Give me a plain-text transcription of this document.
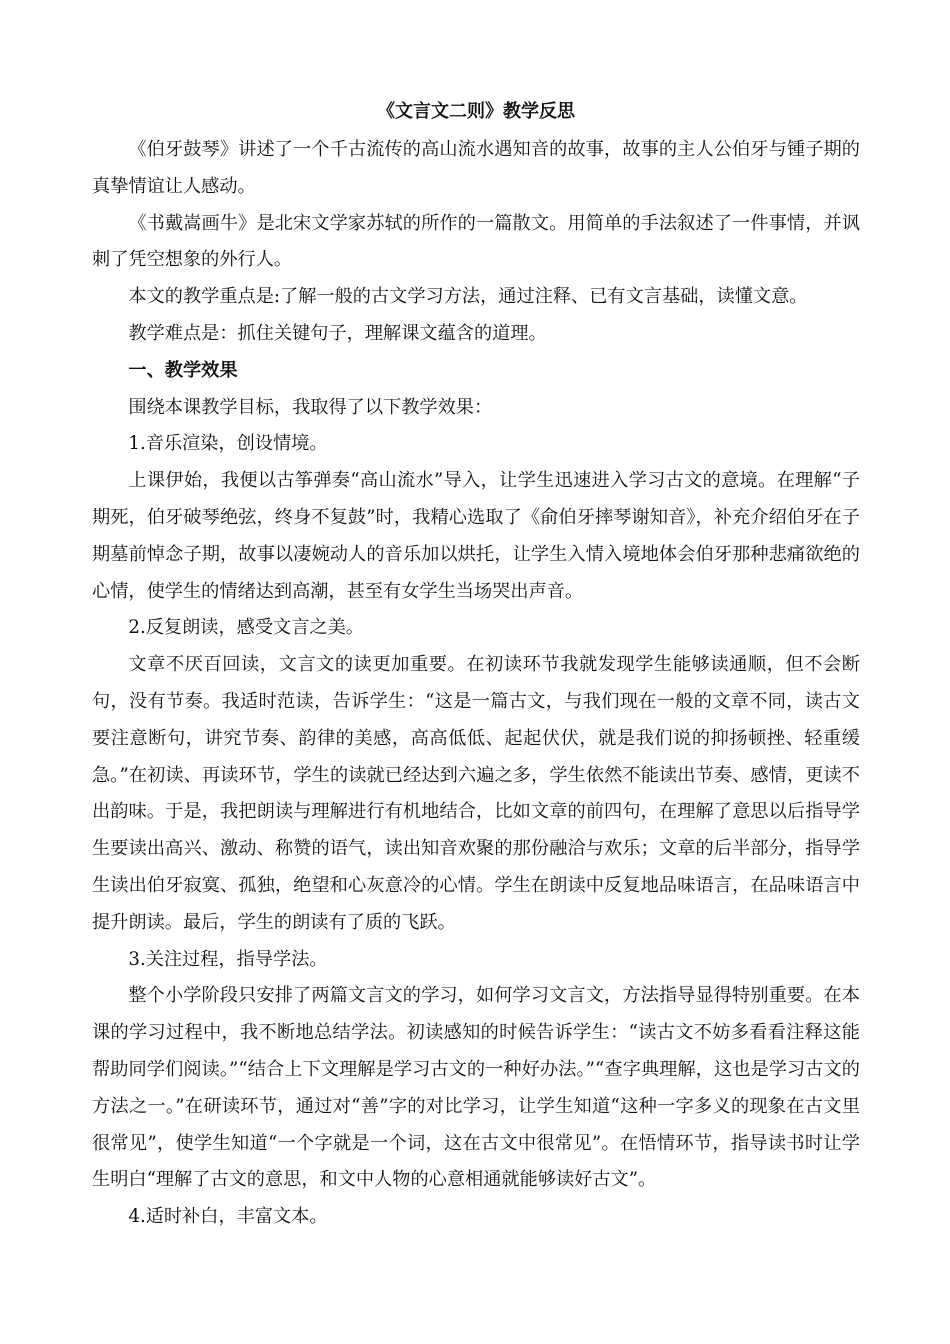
《文言文二则》教学反思

《伯牙鼓琴》讲述了一个千古流传的高山流水遇知音的故事，故事的主人公伯牙与锺子期的真挚情谊让人感动。

《书戴嵩画牛》是北宋文学家苏轼的所作的一篇散文。用简单的手法叙述了一件事情，并讽刺了凭空想象的外行人。

本文的教学重点是:了解一般的古文学习方法，通过注释、已有文言基础，读懂文意。

教学难点是：抓住关键句子，理解课文蕴含的道理。

一、教学效果

围绕本课教学目标，我取得了以下教学效果：

1.音乐渲染，创设情境。

上课伊始，我便以古筝弹奏“高山流水”导入，让学生迅速进入学习古文的意境。在理解“子期死，伯牙破琴绝弦，终身不复鼓”时，我精心选取了《俞伯牙摔琴谢知音》，补充介绍伯牙在子期墓前悼念子期，故事以凄婉动人的音乐加以烘托，让学生入情入境地体会伯牙那种悲痛欲绝的心情，使学生的情绪达到高潮，甚至有女学生当场哭出声音。

2.反复朗读，感受文言之美。

文章不厌百回读，文言文的读更加重要。在初读环节我就发现学生能够读通顺，但不会断句，没有节奏。我适时范读，告诉学生：“这是一篇古文，与我们现在一般的文章不同，读古文要注意断句，讲究节奏、韵律的美感，高高低低、起起伏伏，就是我们说的抑扬顿挫、轻重缓急。”在初读、再读环节，学生的读就已经达到六遍之多，学生依然不能读出节奏、感情，更读不出韵味。于是，我把朗读与理解进行有机地结合，比如文章的前四句，在理解了意思以后指导学生要读出高兴、激动、称赞的语气，读出知音欢聚的那份融洽与欢乐；文章的后半部分，指导学生读出伯牙寂寞、孤独，绝望和心灰意冷的心情。学生在朗读中反复地品味语言，在品味语言中提升朗读。最后，学生的朗读有了质的飞跃。

3.关注过程，指导学法。

整个小学阶段只安排了两篇文言文的学习，如何学习文言文，方法指导显得特别重要。在本课的学习过程中，我不断地总结学法。初读感知的时候告诉学生：“读古文不妨多看看注释这能帮助同学们阅读。”“结合上下文理解是学习古文的一种好办法。”“查字典理解，这也是学习古文的方法之一。”在研读环节，通过对“善”字的对比学习，让学生知道“这种一字多义的现象在古文里很常见”，使学生知道“一个字就是一个词，这在古文中很常见”。在悟情环节，指导读书时让学生明白“理解了古文的意思，和文中人物的心意相通就能够读好古文”。

4.适时补白，丰富文本。
